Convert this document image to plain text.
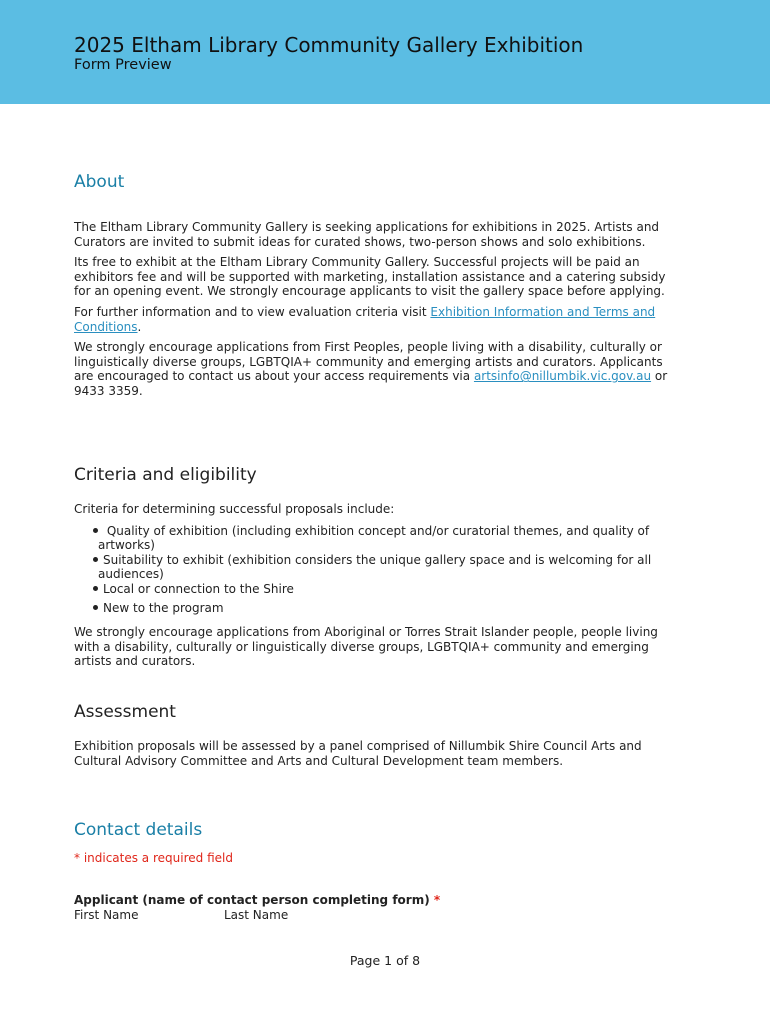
2025 Eltham Library Community Gallery Exhibition
Form Preview
About

The Eltham Library Community Gallery is seeking applications for exhibitions in 2025. Artists and Curators are invited to submit ideas for curated shows, two-person shows and solo exhibitions.

Its free to exhibit at the Eltham Library Community Gallery. Successful projects will be paid an exhibitors fee and will be supported with marketing, installation assistance and a catering subsidy for an opening event. We strongly encourage applicants to visit the gallery space before applying.

For further information and to view evaluation criteria visit Exhibition Information and Terms and Conditions.

We strongly encourage applications from First Peoples, people living with a disability, culturally or linguistically diverse groups, LGBTQIA+ community and emerging artists and curators. Applicants are encouraged to contact us about your access requirements via artsinfo@nillumbik.vic.gov.au or 9433 3359.

Criteria and eligibility

Criteria for determining successful proposals include:

Quality of exhibition (including exhibition concept and/or curatorial themes, and quality of artworks)
Suitability to exhibit (exhibition considers the unique gallery space and is welcoming for all audiences)
Local or connection to the Shire
New to the program

We strongly encourage applications from Aboriginal or Torres Strait Islander people, people living with a disability, culturally or linguistically diverse groups, LGBTQIA+ community and emerging artists and curators.

Assessment

Exhibition proposals will be assessed by a panel comprised of Nillumbik Shire Council Arts and Cultural Advisory Committee and Arts and Cultural Development team members.

Contact details

* indicates a required field

Applicant (name of contact person completing form) *

First Name	Last Name
Page 1 of 8
